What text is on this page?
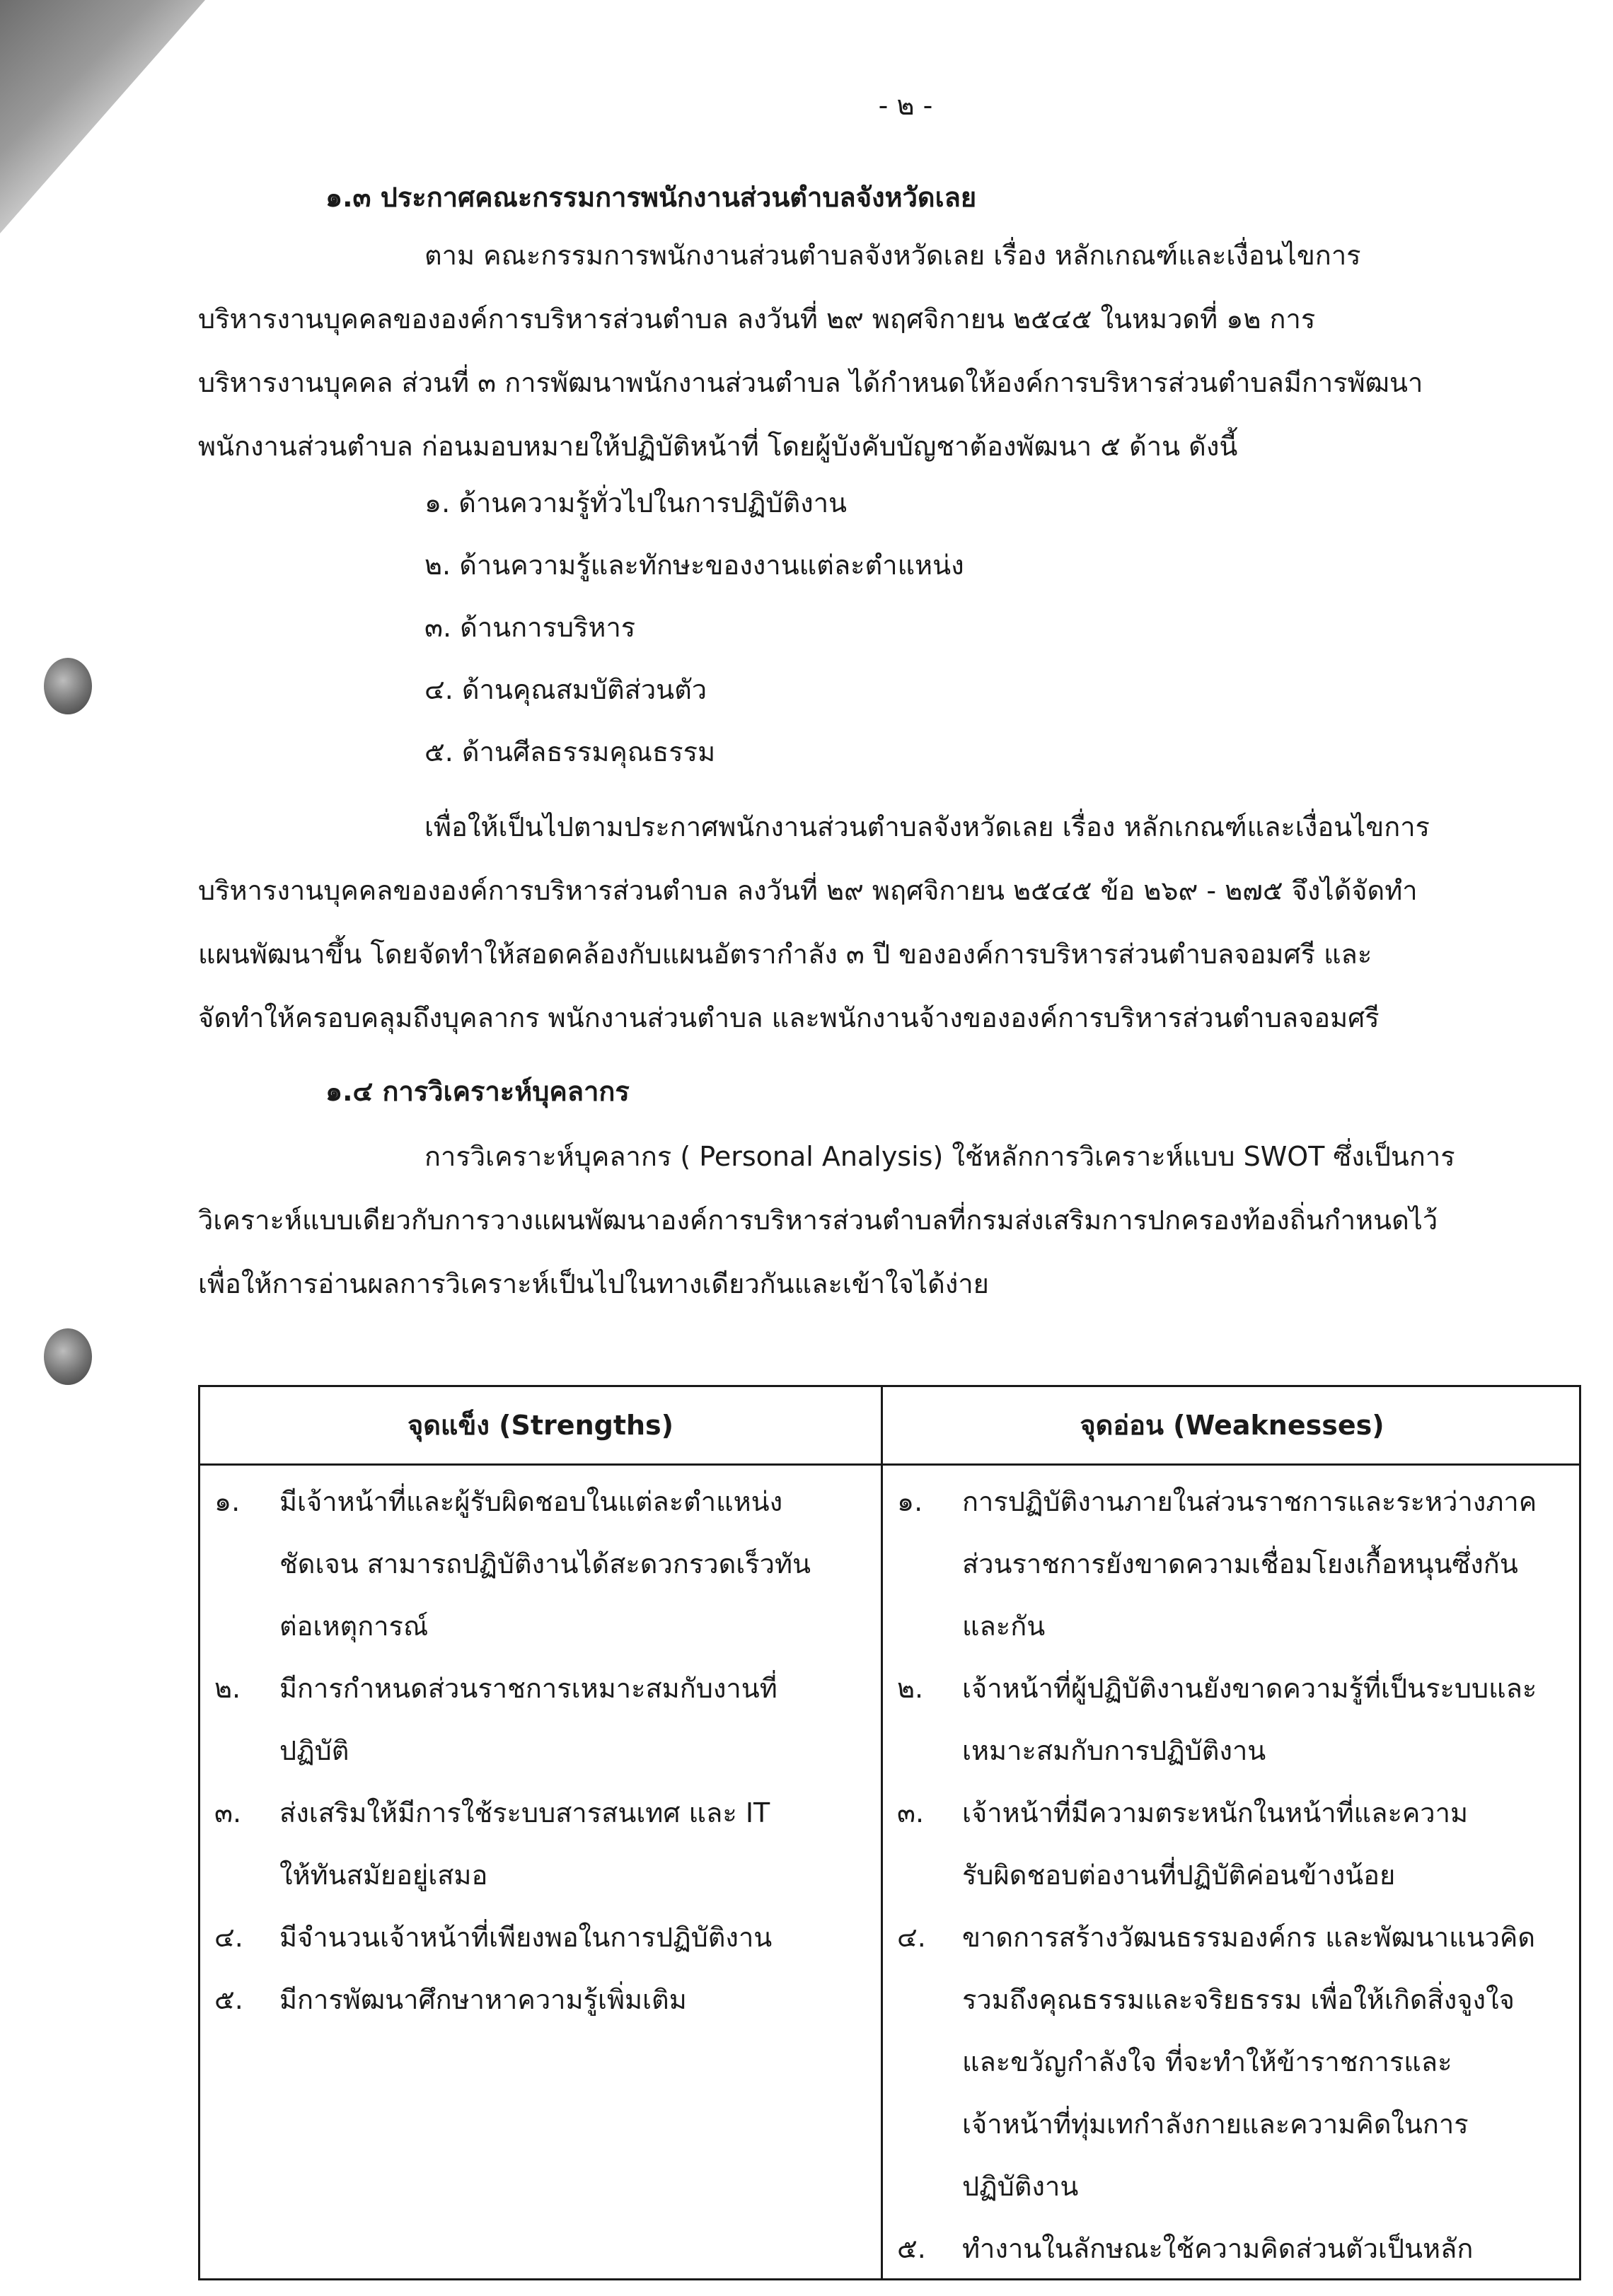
- ๒ -
๑.๓ ประกาศคณะกรรมการพนักงานส่วนตำบลจังหวัดเลย
ตาม คณะกรรมการพนักงานส่วนตำบลจังหวัดเลย เรื่อง หลักเกณฑ์และเงื่อนไขการ
บริหารงานบุคคลขององค์การบริหารส่วนตำบล ลงวันที่ ๒๙ พฤศจิกายน ๒๕๔๕ ในหมวดที่ ๑๒ การ
บริหารงานบุคคล ส่วนที่ ๓ การพัฒนาพนักงานส่วนตำบล ได้กำหนดให้องค์การบริหารส่วนตำบลมีการพัฒนา
พนักงานส่วนตำบล ก่อนมอบหมายให้ปฏิบัติหน้าที่ โดยผู้บังคับบัญชาต้องพัฒนา ๕ ด้าน ดังนี้
๑. ด้านความรู้ทั่วไปในการปฏิบัติงาน
๒. ด้านความรู้และทักษะของงานแต่ละตำแหน่ง
๓. ด้านการบริหาร
๔. ด้านคุณสมบัติส่วนตัว
๕. ด้านศีลธรรมคุณธรรม
เพื่อให้เป็นไปตามประกาศพนักงานส่วนตำบลจังหวัดเลย เรื่อง หลักเกณฑ์และเงื่อนไขการ
บริหารงานบุคคลขององค์การบริหารส่วนตำบล ลงวันที่ ๒๙ พฤศจิกายน ๒๕๔๕ ข้อ ๒๖๙ - ๒๗๕ จึงได้จัดทำ
แผนพัฒนาขึ้น โดยจัดทำให้สอดคล้องกับแผนอัตรากำลัง ๓ ปี ขององค์การบริหารส่วนตำบลจอมศรี และ
จัดทำให้ครอบคลุมถึงบุคลากร พนักงานส่วนตำบล และพนักงานจ้างขององค์การบริหารส่วนตำบลจอมศรี
๑.๔ การวิเคราะห์บุคลากร
การวิเคราะห์บุคลากร ( Personal Analysis) ใช้หลักการวิเคราะห์แบบ SWOT ซึ่งเป็นการ
วิเคราะห์แบบเดียวกับการวางแผนพัฒนาองค์การบริหารส่วนตำบลที่กรมส่งเสริมการปกครองท้องถิ่นกำหนดไว้
เพื่อให้การอ่านผลการวิเคราะห์เป็นไปในทางเดียวกันและเข้าใจได้ง่าย
จุดแข็ง (Strengths)	จุดอ่อน (Weaknesses)
๑. มีเจ้าหน้าที่และผู้รับผิดชอบในแต่ละตำแหน่ง
ชัดเจน สามารถปฏิบัติงานได้สะดวกรวดเร็วทัน
ต่อเหตุการณ์
๒. มีการกำหนดส่วนราชการเหมาะสมกับงานที่
ปฏิบัติ
๓. ส่งเสริมให้มีการใช้ระบบสารสนเทศ และ IT
ให้ทันสมัยอยู่เสมอ
๔. มีจำนวนเจ้าหน้าที่เพียงพอในการปฏิบัติงาน
๕. มีการพัฒนาศึกษาหาความรู้เพิ่มเติม
๑. การปฏิบัติงานภายในส่วนราชการและระหว่างภาค
ส่วนราชการยังขาดความเชื่อมโยงเกื้อหนุนซึ่งกัน
และกัน
๒. เจ้าหน้าที่ผู้ปฏิบัติงานยังขาดความรู้ที่เป็นระบบและ
เหมาะสมกับการปฏิบัติงาน
๓. เจ้าหน้าที่มีความตระหนักในหน้าที่และความ
รับผิดชอบต่องานที่ปฏิบัติค่อนข้างน้อย
๔. ขาดการสร้างวัฒนธรรมองค์กร และพัฒนาแนวคิด
รวมถึงคุณธรรมและจริยธรรม เพื่อให้เกิดสิ่งจูงใจ
และขวัญกำลังใจ ที่จะทำให้ข้าราชการและ
เจ้าหน้าที่ทุ่มเทกำลังกายและความคิดในการ
ปฏิบัติงาน
๕. ทำงานในลักษณะใช้ความคิดส่วนตัวเป็นหลัก
